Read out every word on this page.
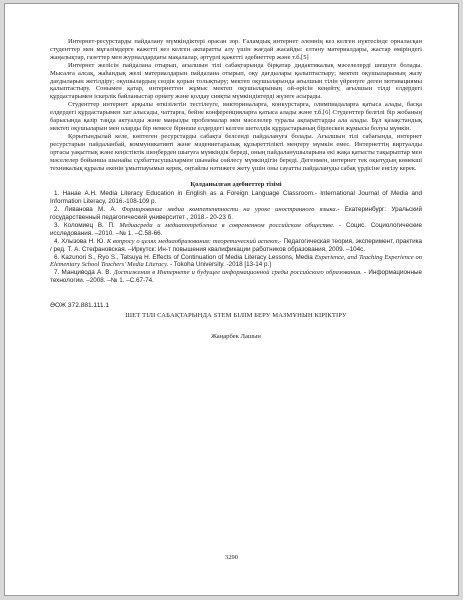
Интернет-ресурстарды пайдалану мүмкіндіктері орасан зор. Ғаламдық интернет әлемнің кез келген нүктесінде орналасқан студенттер мен мұғалімдерге кажетті кез келген акпаратты алу үшін жағдай жасайды: елтану материалдары, жастар өміріндегі жаңалықтар, газеттер мен журналдардағы мақалалар, әртүрлі қажетті әдебиеттер және т.б.[5]

Интернет желісін пайдалана отырып, ағылшын тілі сабақтарында бірқатар дидактикалық мәселелерді шешуге болады. Мысалға алсақ, жаһандық желі материалдарын пайдалана отырып, оқу дағдылары қалыптастыру; мектеп оқушыларының жазу дағдыларын жетілдіру; оқушылардың сөздік қорын толықтыру; мектеп оқушыларында ағылшын тілін үйренуге деген мотивациямы қалыптастыру. Сонымен қатар, интернеттен жұмыс мектеп оқушыларының ой-өрісін кеңейту, ағылшын тілді елдердегі құрдастарымен іскерлік байланыстар орнату және қолдау сияқты мүмкіндіктерді жүзеге асырады.

Студенттер интернет арқылы өткізілетін тестілеуге, викториналарға, конкурстарға, олимпиадаларға қатыса алады, басқа елдердегі құрдастарымен хат алысады, чаттарға, бейне конференцияларға қатыса алады және т.б.[6] Студенттер белгілі бір жобаның барысында қазір таңда актуалды және маңызды проблемалар мен мәселелер туралы ақпараттарды ала алады. Бұл қазақстандық мектеп оқушыларын мен оларды бір немесе бірнеше елдердегі келген шетелдік құрдастарының бірлескен жұмысы болуы мүмкін.

Қорытындылай келе, көптеген ресурстарды сабақта белсенді пайдалануға болады. Ағылшын тілі сабағында, интернет ресурстарын пайдаланбай, коммуникативті және мәдениетаралық құзыреттілікті меңгеру мүмкін емес. Интернеттің виртуалды ортасы уақыттық және кеңістіктік шеңберден шығуға мүмкіндік береді, оның пайдаланушыларына екі жақа қатысты тақырыптар мен мәселелер бойынша шынайы сұхбаттасушылармен шынайы сөйлесу мүмкіндігін береді. Дегенмен, интернет тек оқытудың көмекші техникалық құралы екенін ұмытпауымыз керек, оңтайлы нәтижеге жету үшін оны сауатты пайдалануды сабақ үрдісіне енгізу керек.

Қолданылған әдебиеттер тізімі

1. Нанае А.Н. Media Literacy Education in English as a Foreign Language Classroom.- International Journal of Media and Information Literacy, 2016.-108-109 р.

2. Ливанова М. А. Формирование медиа компетентности на уроке иностранного языка.- Екатеринбург: Уральский государственный педагогический университет , 2018.- 20-23 б.

3. Коломиец В. П. Медиасреда и медиапотребление в современном российском обществе. - Социс. Социологические исследования. –2010. –№ 1. –С.58-66.

4. Хлызова Н. Ю. К вопросу о целях медиаобразования: теоретический аспект.- Педагогическая теория, эксперимент, практика / ред. Т. А. Стефановская. –Иркутск: Ин-т повышения квалификации работников образования, 2009. –104с.

6. Kazunori S., Ryo S., Tatsuya H. Effects of Continuation of Media Literacy Lessons, Media Experience, and Teaching Experience on Elementary School Teachers' Media Literacy. - Tokoha University. -2018 [13-14 р.]

7. Манцивода А. В. Достижения в Интернете и будущее информационной среды российского образования. - Информационные технологии. –2008. –№ 1. –С.67-74.

ӘОЖ 372.881.111.1
ШЕТ ТІЛІ САБАҚТАРЫНДА STEM БІЛІМ БЕРУ МАЗМҰНЫН КІРІКТІРУ
Жаңарбек Лашын
3290
